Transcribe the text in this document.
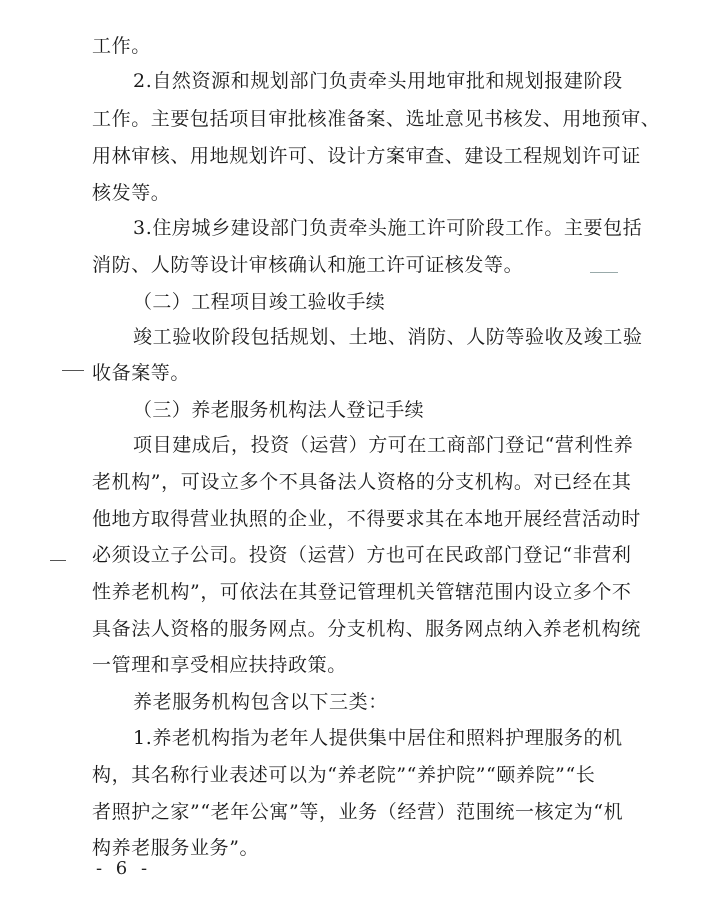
工作。
2.自然资源和规划部门负责牵头用地审批和规划报建阶段
工作。主要包括项目审批核准备案、选址意见书核发、用地预审、
用林审核、用地规划许可、设计方案审查、建设工程规划许可证
核发等。
3.住房城乡建设部门负责牵头施工许可阶段工作。主要包括
消防、人防等设计审核确认和施工许可证核发等。
（二）工程项目竣工验收手续
竣工验收阶段包括规划、土地、消防、人防等验收及竣工验
收备案等。
（三）养老服务机构法人登记手续
项目建成后，投资（运营）方可在工商部门登记“营利性养
老机构”，可设立多个不具备法人资格的分支机构。对已经在其
他地方取得营业执照的企业，不得要求其在本地开展经营活动时
必须设立子公司。投资（运营）方也可在民政部门登记“非营利
性养老机构”，可依法在其登记管理机关管辖范围内设立多个不
具备法人资格的服务网点。分支机构、服务网点纳入养老机构统
一管理和享受相应扶持政策。
养老服务机构包含以下三类：
1.养老机构指为老年人提供集中居住和照料护理服务的机
构，其名称行业表述可以为“养老院”“养护院”“颐养院”“长
者照护之家”“老年公寓”等，业务（经营）范围统一核定为“机
构养老服务业务”。
- 6 -
